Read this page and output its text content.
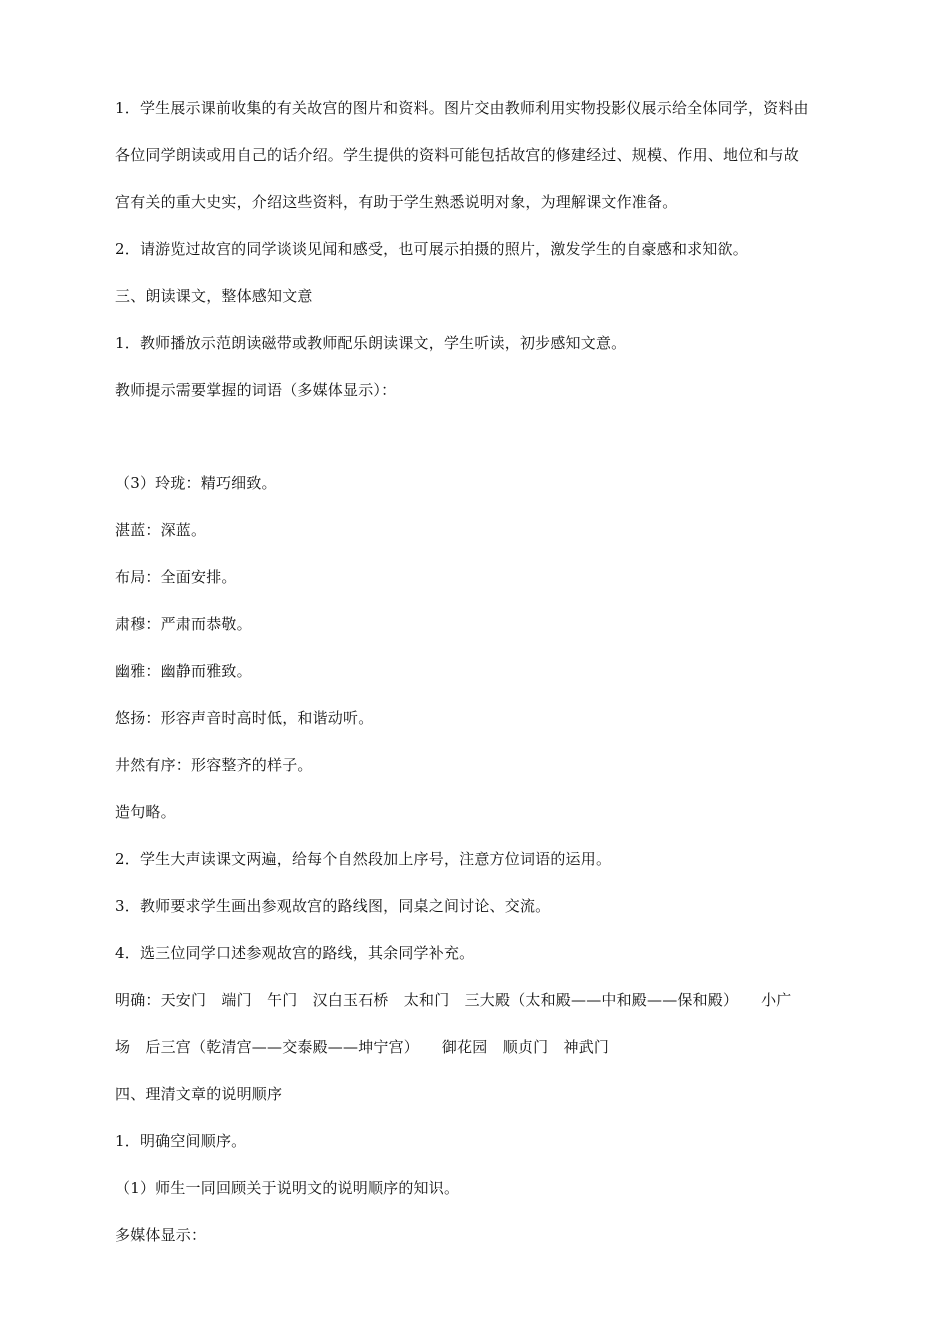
1．学生展示课前收集的有关故宫的图片和资料。图片交由教师利用实物投影仪展示给全体同学，资料由
各位同学朗读或用自己的话介绍。学生提供的资料可能包括故宫的修建经过、规模、作用、地位和与故
宫有关的重大史实，介绍这些资料，有助于学生熟悉说明对象，为理解课文作准备。
2．请游览过故宫的同学谈谈见闻和感受，也可展示拍摄的照片，激发学生的自豪感和求知欲。
三、朗读课文，整体感知文意
1．教师播放示范朗读磁带或教师配乐朗读课文，学生听读，初步感知文意。
教师提示需要掌握的词语（多媒体显示）：
（3）玲珑：精巧细致。
湛蓝：深蓝。
布局：全面安排。
肃穆：严肃而恭敬。
幽雅：幽静而雅致。
悠扬：形容声音时高时低，和谐动听。
井然有序：形容整齐的样子。
造句略。
2．学生大声读课文两遍，给每个自然段加上序号，注意方位词语的运用。
3．教师要求学生画出参观故宫的路线图，同桌之间讨论、交流。
4．选三位同学口述参观故宫的路线，其余同学补充。
明确：天安门　端门　午门　汉白玉石桥　太和门　三大殿（太和殿——中和殿——保和殿）　　小广
场　后三宫（乾清宫——交泰殿——坤宁宫）　　御花园　顺贞门　神武门
四、理清文章的说明顺序
1．明确空间顺序。
（1）师生一同回顾关于说明文的说明顺序的知识。
多媒体显示：
